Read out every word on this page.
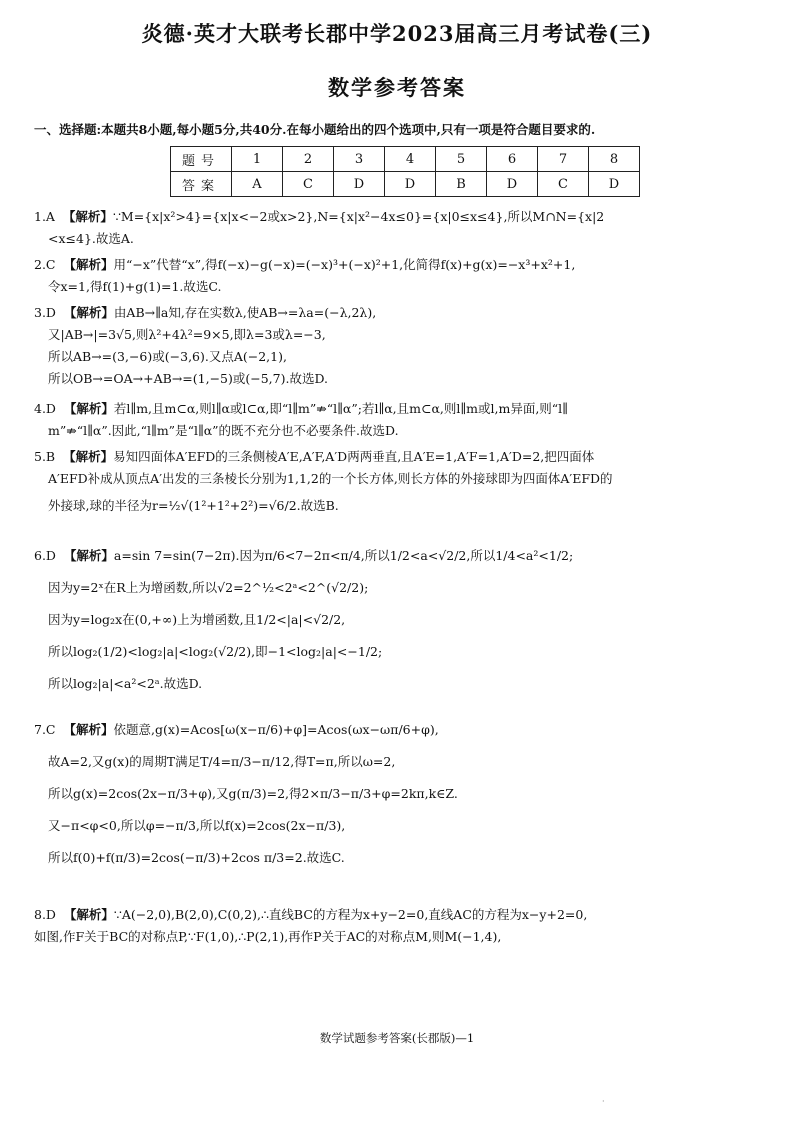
炎德·英才大联考长郡中学2023届高三月考试卷(三)
数学参考答案
一、选择题:本题共8小题,每小题5分,共40分.在每小题给出的四个选项中,只有一项是符合题目要求的.
题号	1	2	3	4	5	6	7	8
答案	A	C	D	D	B	D	C	D
1.A 【解析】∵M={x|x²>4}={x|x<−2或x>2},N={x|x²−4x≤0}={x|0≤x≤4},所以M∩N={x|2
<x≤4}.故选A.
2.C 【解析】用“−x”代替“x”,得f(−x)−g(−x)=(−x)³+(−x)²+1,化简得f(x)+g(x)=−x³+x²+1,
令x=1,得f(1)+g(1)=1.故选C.
3.D 【解析】由AB→∥a知,存在实数λ,使AB→=λa=(−λ,2λ),
又|AB→|=3√5,则λ²+4λ²=9×5,即λ=3或λ=−3,
所以AB→=(3,−6)或(−3,6).又点A(−2,1),
所以OB→=OA→+AB→=(1,−5)或(−5,7).故选D.
4.D 【解析】若l∥m,且m⊂α,则l∥α或l⊂α,即“l∥m”⇏“l∥α”;若l∥α,且m⊂α,则l∥m或l,m异面,则“l∥
m”⇏“l∥α”.因此,“l∥m”是“l∥α”的既不充分也不必要条件.故选D.
5.B 【解析】易知四面体A′EFD的三条侧棱A′E,A′F,A′D两两垂直,且A′E=1,A′F=1,A′D=2,把四面体
A′EFD补成从顶点A′出发的三条棱长分别为1,1,2的一个长方体,则长方体的外接球即为四面体A′EFD的
外接球,球的半径为r=½√(1²+1²+2²)=√6/2.故选B.
6.D 【解析】a=sin 7=sin(7−2π).因为π/6<7−2π<π/4,所以1/2<a<√2/2,所以1/4<a²<1/2;
因为y=2ˣ在R上为增函数,所以√2=2^½<2ᵃ<2^(√2/2);
因为y=log₂x在(0,+∞)上为增函数,且1/2<|a|<√2/2,
所以log₂(1/2)<log₂|a|<log₂(√2/2),即−1<log₂|a|<−1/2;
所以log₂|a|<a²<2ᵃ.故选D.
7.C 【解析】依题意,g(x)=Acos[ω(x−π/6)+φ]=Acos(ωx−ωπ/6+φ),
故A=2,又g(x)的周期T满足T/4=π/3−π/12,得T=π,所以ω=2,
所以g(x)=2cos(2x−π/3+φ),又g(π/3)=2,得2×π/3−π/3+φ=2kπ,k∈Z.
又−π<φ<0,所以φ=−π/3,所以f(x)=2cos(2x−π/3),
所以f(0)+f(π/3)=2cos(−π/3)+2cos π/3=2.故选C.
8.D 【解析】∵A(−2,0),B(2,0),C(0,2),∴直线BC的方程为x+y−2=0,直线AC的方程为x−y+2=0,
如图,作F关于BC的对称点P,∵F(1,0),∴P(2,1),再作P关于AC的对称点M,则M(−1,4),
数学试题参考答案(长郡版)—1
·
